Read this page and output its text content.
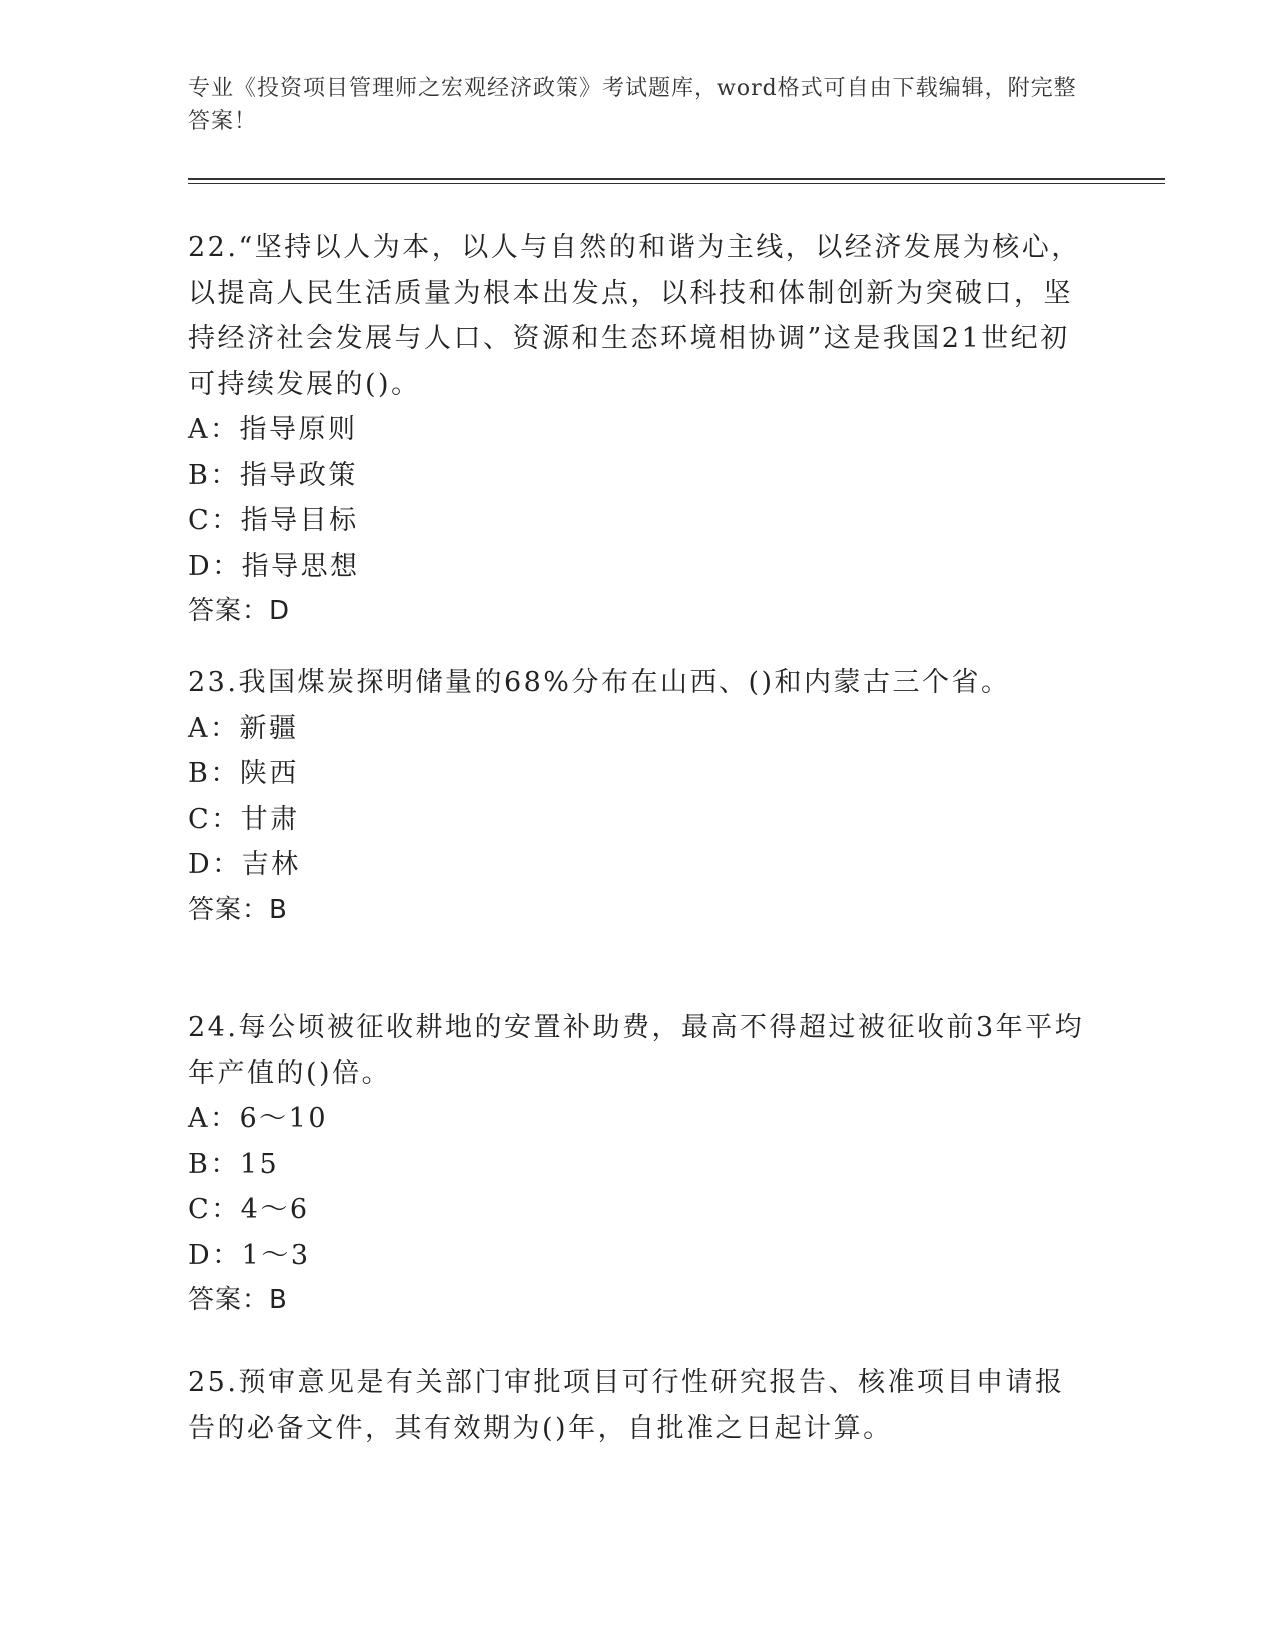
专业《投资项目管理师之宏观经济政策》考试题库，word格式可自由下载编辑，附完整答案！

22.“坚持以人为本，以人与自然的和谐为主线，以经济发展为核心，以提高人民生活质量为根本出发点，以科技和体制创新为突破口，坚持经济社会发展与人口、资源和生态环境相协调”这是我国21世纪初可持续发展的()。

A：指导原则

B：指导政策

C：指导目标

D：指导思想

答案：D

23.我国煤炭探明储量的68%分布在山西、()和内蒙古三个省。

A：新疆

B：陕西

C：甘肃

D：吉林

答案：B

24.每公顷被征收耕地的安置补助费，最高不得超过被征收前3年平均年产值的()倍。

A：6～10

B：15

C：4～6

D：1～3

答案：B

25.预审意见是有关部门审批项目可行性研究报告、核准项目申请报告的必备文件，其有效期为()年，自批准之日起计算。
